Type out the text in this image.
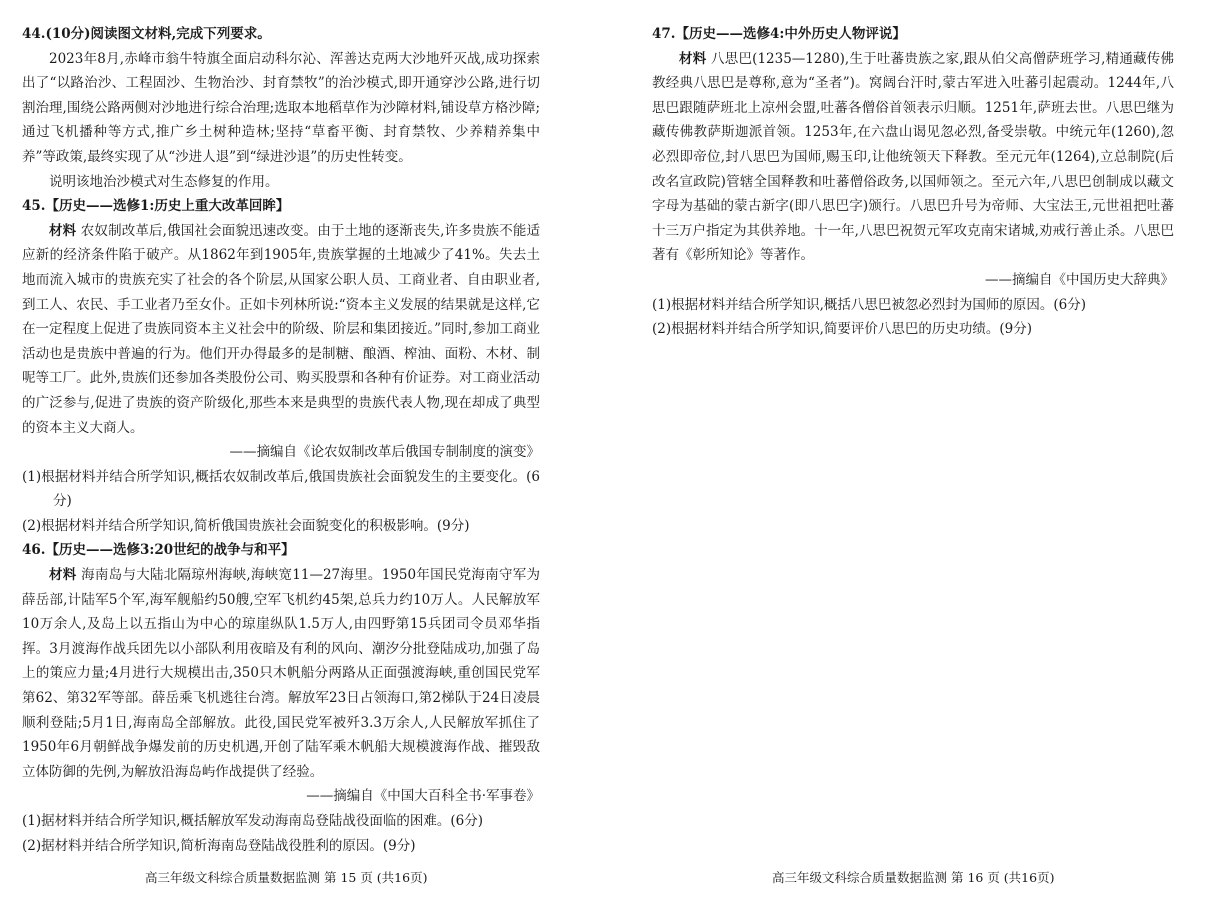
44.(10分)阅读图文材料,完成下列要求。

2023年8月,赤峰市翁牛特旗全面启动科尔沁、浑善达克两大沙地歼灭战,成功探索出了“以路治沙、工程固沙、生物治沙、封育禁牧”的治沙模式,即开通穿沙公路,进行切割治理,围绕公路两侧对沙地进行综合治理;选取本地稻草作为沙障材料,铺设草方格沙障;通过飞机播种等方式,推广乡土树种造林;坚持“草畜平衡、封育禁牧、少养精养集中养”等政策,最终实现了从“沙进人退”到“绿进沙退”的历史性转变。

说明该地治沙模式对生态修复的作用。

45.【历史——选修1:历史上重大改革回眸】

材料 农奴制改革后,俄国社会面貌迅速改变。由于土地的逐渐丧失,许多贵族不能适应新的经济条件陷于破产。从1862年到1905年,贵族掌握的土地减少了41%。失去土地而流入城市的贵族充实了社会的各个阶层,从国家公职人员、工商业者、自由职业者,到工人、农民、手工业者乃至女仆。正如卡列林所说:“资本主义发展的结果就是这样,它在一定程度上促进了贵族同资本主义社会中的阶级、阶层和集团接近。”同时,参加工商业活动也是贵族中普遍的行为。他们开办得最多的是制糖、酿酒、榨油、面粉、木材、制呢等工厂。此外,贵族们还参加各类股份公司、购买股票和各种有价证券。对工商业活动的广泛参与,促进了贵族的资产阶级化,那些本来是典型的贵族代表人物,现在却成了典型的资本主义大商人。

——摘编自《论农奴制改革后俄国专制制度的演变》

(1)根据材料并结合所学知识,概括农奴制改革后,俄国贵族社会面貌发生的主要变化。(6分)

(2)根据材料并结合所学知识,简析俄国贵族社会面貌变化的积极影响。(9分)

46.【历史——选修3:20世纪的战争与和平】

材料 海南岛与大陆北隔琼州海峡,海峡宽11—27海里。1950年国民党海南守军为薛岳部,计陆军5个军,海军舰船约50艘,空军飞机约45架,总兵力约10万人。人民解放军10万余人,及岛上以五指山为中心的琼崖纵队1.5万人,由四野第15兵团司令员邓华指挥。3月渡海作战兵团先以小部队利用夜暗及有利的风向、潮汐分批登陆成功,加强了岛上的策应力量;4月进行大规模出击,350只木帆船分两路从正面强渡海峡,重创国民党军第62、第32军等部。薛岳乘飞机逃往台湾。解放军23日占领海口,第2梯队于24日凌晨顺利登陆;5月1日,海南岛全部解放。此役,国民党军被歼3.3万余人,人民解放军抓住了1950年6月朝鲜战争爆发前的历史机遇,开创了陆军乘木帆船大规模渡海作战、摧毁敌立体防御的先例,为解放沿海岛屿作战提供了经验。

——摘编自《中国大百科全书·军事卷》

(1)据材料并结合所学知识,概括解放军发动海南岛登陆战役面临的困难。(6分)

(2)据材料并结合所学知识,简析海南岛登陆战役胜利的原因。(9分)

47.【历史——选修4:中外历史人物评说】

材料 八思巴(1235—1280),生于吐蕃贵族之家,跟从伯父高僧萨班学习,精通藏传佛教经典八思巴是尊称,意为“圣者”)。窝阔台汗时,蒙古军进入吐蕃引起震动。1244年,八思巴跟随萨班北上凉州会盟,吐蕃各僧俗首领表示归顺。1251年,萨班去世。八思巴继为藏传佛教萨斯迦派首领。1253年,在六盘山谒见忽必烈,备受崇敬。中统元年(1260),忽必烈即帝位,封八思巴为国师,赐玉印,让他统领天下释教。至元元年(1264),立总制院(后改名宣政院)管辖全国释教和吐蕃僧俗政务,以国师领之。至元六年,八思巴创制成以藏文字母为基础的蒙古新字(即八思巴字)颁行。八思巴升号为帝师、大宝法王,元世祖把吐蕃十三万户指定为其供养地。十一年,八思巴祝贺元军攻克南宋诸城,劝戒行善止杀。八思巴著有《彰所知论》等著作。

——摘编自《中国历史大辞典》

(1)根据材料并结合所学知识,概括八思巴被忽必烈封为国师的原因。(6分)

(2)根据材料并结合所学知识,简要评价八思巴的历史功绩。(9分)

高三年级文科综合质量数据监测 第 15 页 (共16页)	高三年级文科综合质量数据监测 第 16 页 (共16页)
